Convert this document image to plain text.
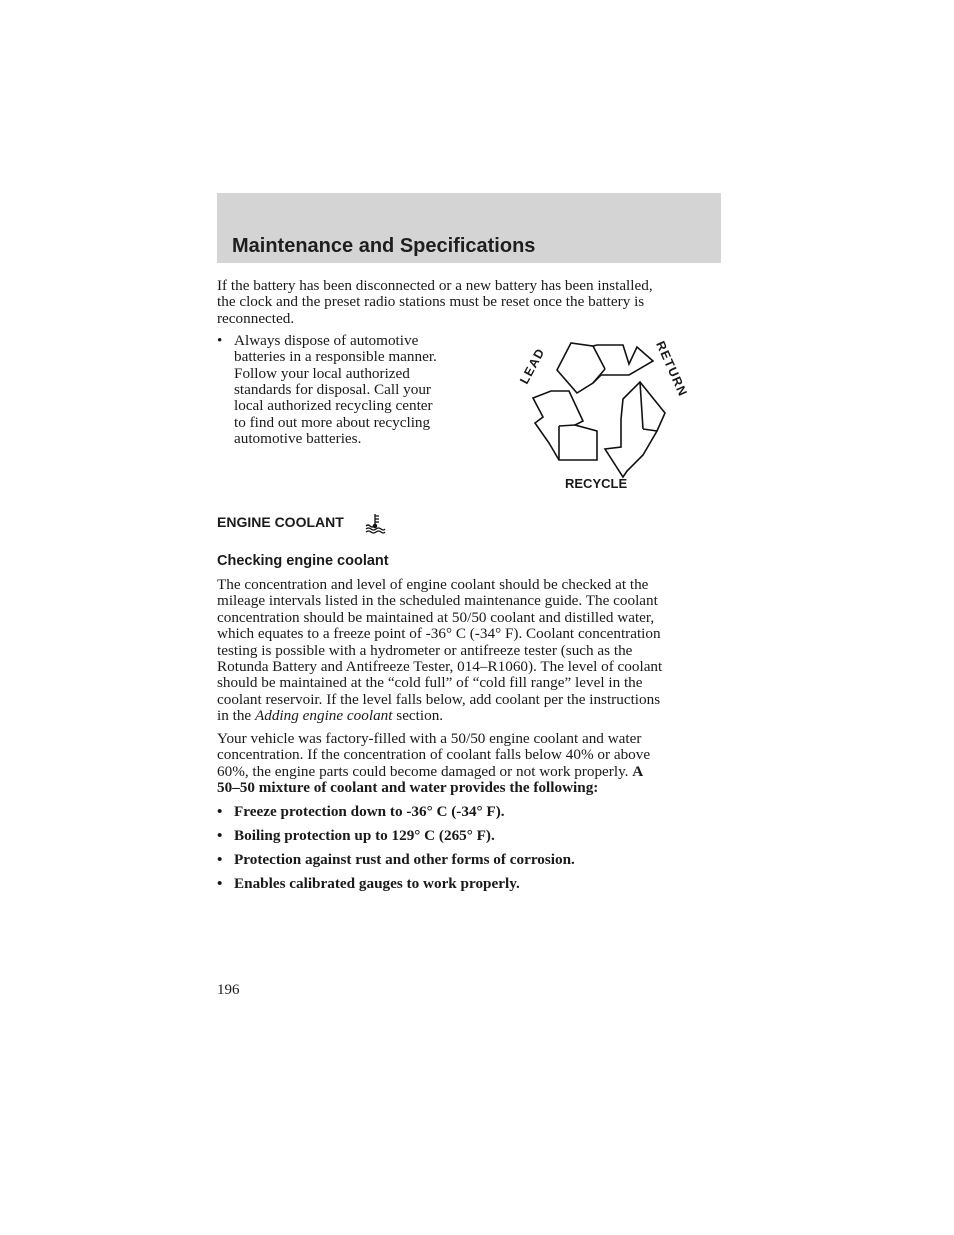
Maintenance and Specifications
If the battery has been disconnected or a new battery has been installed,
the clock and the preset radio stations must be reset once the battery is
reconnected.
• Always dispose of automotive
batteries in a responsible manner.
Follow your local authorized
standards for disposal. Call your
local authorized recycling center
to find out more about recycling
automotive batteries.
LEAD	RETURN
RECYCLE
ENGINE COOLANT
Checking engine coolant
The concentration and level of engine coolant should be checked at the
mileage intervals listed in the scheduled maintenance guide. The coolant
concentration should be maintained at 50/50 coolant and distilled water,
which equates to a freeze point of -36° C (-34° F). Coolant concentration
testing is possible with a hydrometer or antifreeze tester (such as the
Rotunda Battery and Antifreeze Tester, 014–R1060). The level of coolant
should be maintained at the “cold full” of “cold fill range” level in the
coolant reservoir. If the level falls below, add coolant per the instructions
in the Adding engine coolant section.
Your vehicle was factory-filled with a 50/50 engine coolant and water
concentration. If the concentration of coolant falls below 40% or above
60%, the engine parts could become damaged or not work properly. A
50–50 mixture of coolant and water provides the following:
• Freeze protection down to -36° C (-34° F).
• Boiling protection up to 129° C (265° F).
• Protection against rust and other forms of corrosion.
• Enables calibrated gauges to work properly.
196
